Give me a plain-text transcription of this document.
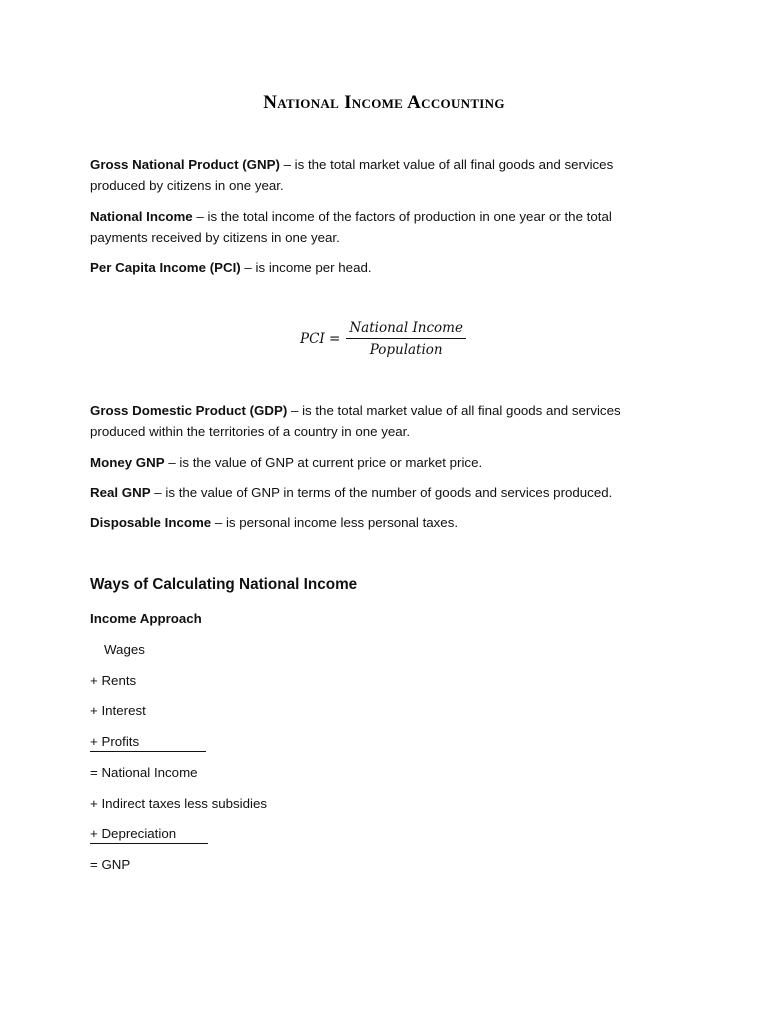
National Income Accounting
Gross National Product (GNP) – is the total market value of all final goods and services produced by citizens in one year.
National Income – is the total income of the factors of production in one year or the total payments received by citizens in one year.
Per Capita Income (PCI) – is income per head.
PCI = $\frac{\text{National Income}}{\text{Population}}$
Gross Domestic Product (GDP) – is the total market value of all final goods and services produced within the territories of a country in one year.
Money GNP – is the value of GNP at current price or market price.
Real GNP – is the value of GNP in terms of the number of goods and services produced.
Disposable Income – is personal income less personal taxes.
Ways of Calculating National Income
Income Approach
Wages
+ Rents
+ Interest
+ Profits
= National Income
+ Indirect taxes less subsidies
+ Depreciation
= GNP
